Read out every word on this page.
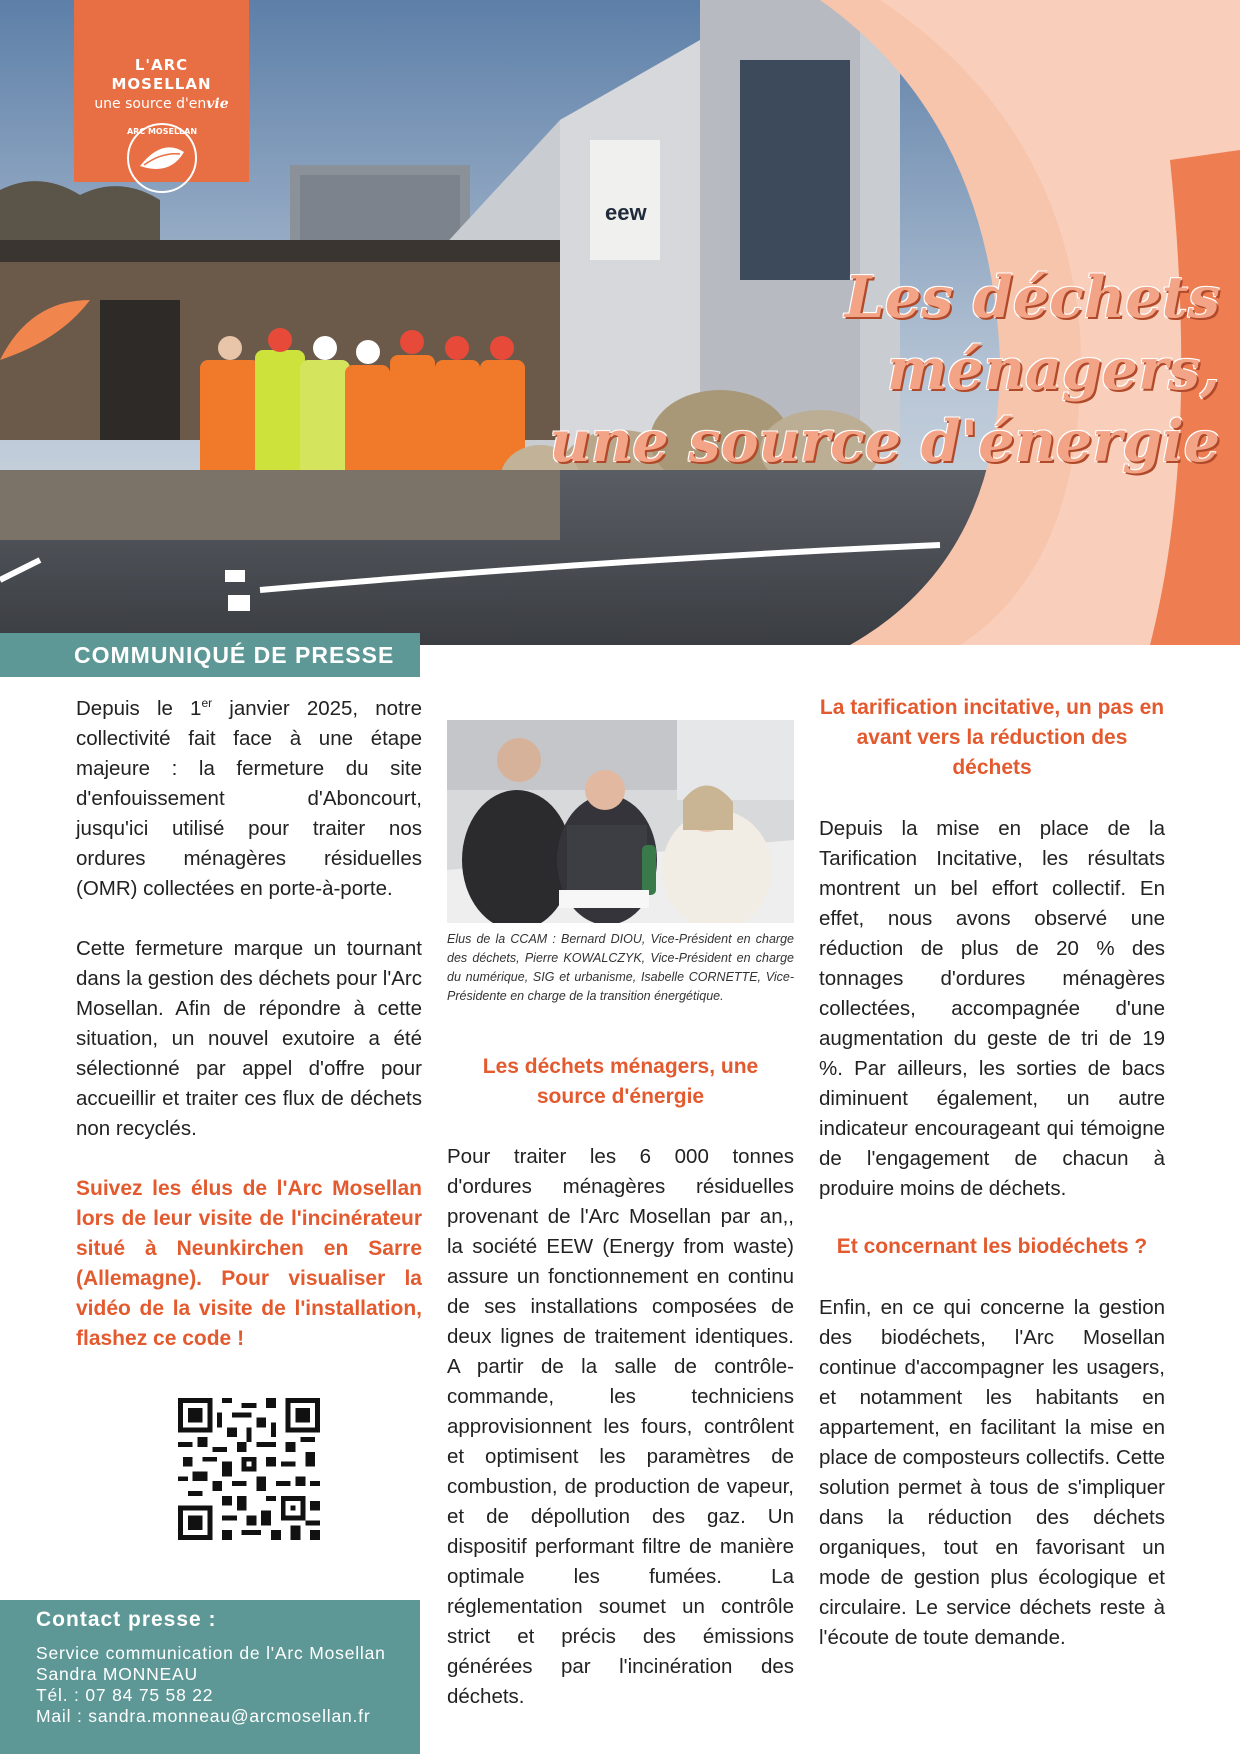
eew
L'ARC
MOSELLAN
une source d'envie
ARC MOSELLAN
Les déchets ménagers,
une source d'énergie
COMMUNIQUÉ DE PRESSE

Depuis le 1er janvier 2025, notre collectivité fait face à une étape majeure : la fermeture du site d'enfouissement d'Aboncourt, jusqu'ici utilisé pour traiter nos ordures ménagères résiduelles (OMR) collectées en porte-à-porte.

Cette fermeture marque un tournant dans la gestion des déchets pour l'Arc Mosellan. Afin de répondre à cette situation, un nouvel exutoire a été sélectionné par appel d'offre pour accueillir et traiter ces flux de déchets non recyclés.

Suivez les élus de l'Arc Mosellan lors de leur visite de l'incinérateur situé à Neunkirchen en Sarre (Allemagne). Pour visualiser la vidéo de la visite de l'installation, flashez ce code !

Elus de la CCAM : Bernard DIOU, Vice-Président en charge des déchets, Pierre KOWALCZYK, Vice-Président en charge du numérique, SIG et urbanisme, Isabelle CORNETTE, Vice-Présidente en charge de la transition énergétique.
Les déchets ménagers, une source d'énergie

Pour traiter les 6 000 tonnes d'ordures ménagères résiduelles provenant de l'Arc Mosellan par an,, la société EEW (Energy from waste) assure un fonctionnement en continu de ses installations composées de deux lignes de traitement identiques. A partir de la salle de contrôle-commande, les techniciens approvisionnent les fours, contrôlent et optimisent les paramètres de combustion, de production de vapeur, et de dépollution des gaz. Un dispositif performant filtre de manière optimale les fumées. La réglementation soumet un contrôle strict et précis des émissions générées par l'incinération des déchets.

La tarification incitative, un pas en avant vers la réduction des déchets

Depuis la mise en place de la Tarification Incitative, les résultats montrent un bel effort collectif. En effet, nous avons observé une réduction de plus de 20 % des tonnages d'ordures ménagères collectées, accompagnée d'une augmentation du geste de tri de 19 %. Par ailleurs, les sorties de bacs diminuent également, un autre indicateur encourageant qui témoigne de l'engagement de chacun à produire moins de déchets.

Et concernant les biodéchets ?

Enfin, en ce qui concerne la gestion des biodéchets, l'Arc Mosellan continue d'accompagner les usagers, et notamment les habitants en appartement, en facilitant la mise en place de composteurs collectifs. Cette solution permet à tous de s'impliquer dans la réduction des déchets organiques, tout en favorisant un mode de gestion plus écologique et circulaire. Le service déchets reste à l'écoute de toute demande.

Contact presse :
Service communication de l'Arc Mosellan
Sandra MONNEAU
Tél. : 07 84 75 58 22
Mail : sandra.monneau@arcmosellan.fr
